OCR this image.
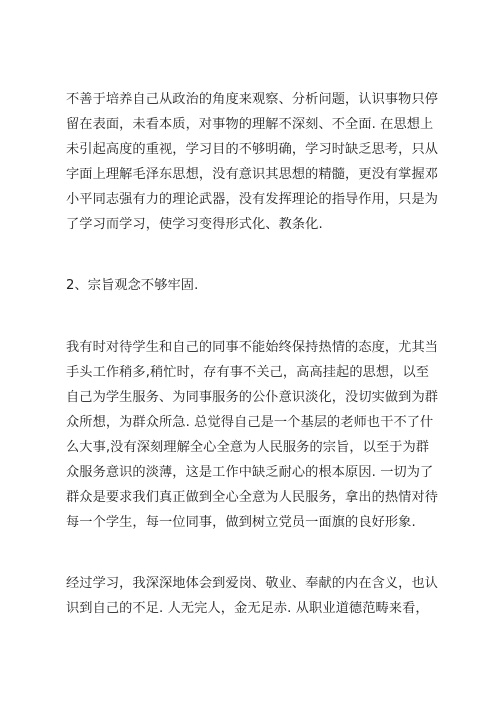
不善于培养自己从政治的角度来观察、分析问题，认识事物只停
留在表面，未看本质，对事物的理解不深刻、不全面. 在思想上
未引起高度的重视，学习目的不够明确，学习时缺乏思考，只从
字面上理解毛泽东思想，没有意识其思想的精髓，更没有掌握邓
小平同志强有力的理论武器，没有发挥理论的指导作用，只是为
了学习而学习，使学习变得形式化、教条化.
2、宗旨观念不够牢固.
我有时对待学生和自己的同事不能始终保持热情的态度，尤其当
手头工作稍多,稍忙时，存有事不关己，高高挂起的思想，以至
自己为学生服务、为同事服务的公仆意识淡化，没切实做到为群
众所想，为群众所急. 总觉得自己是一个基层的老师也干不了什
么大事,没有深刻理解全心全意为人民服务的宗旨，以至于为群
众服务意识的淡薄，这是工作中缺乏耐心的根本原因. 一切为了
群众是要求我们真正做到全心全意为人民服务，拿出的热情对待
每一个学生，每一位同事，做到树立党员一面旗的良好形象.
经过学习，我深深地体会到爱岗、敬业、奉献的内在含义，也认
识到自己的不足. 人无完人，金无足赤. 从职业道德范畴来看，
